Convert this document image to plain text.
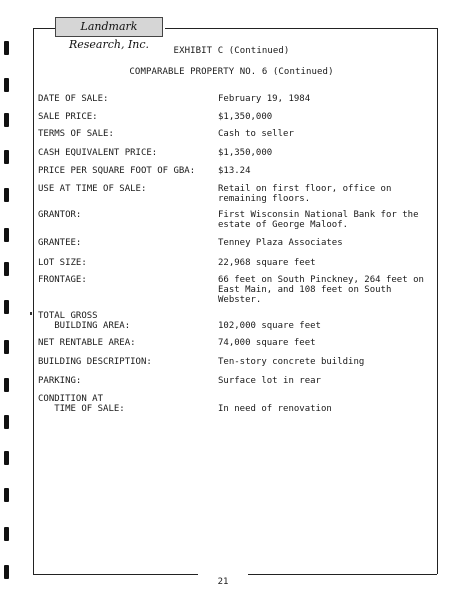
Landmark Research, Inc.	EXHIBIT C (Continued)
COMPARABLE PROPERTY NO. 6 (Continued)
DATE OF SALE:	February 19, 1984
SALE PRICE:	$1,350,000
TERMS OF SALE:	Cash to seller
CASH EQUIVALENT PRICE:	$1,350,000
PRICE PER SQUARE FOOT OF GBA:	$13.24
USE AT TIME OF SALE:	Retail on first floor, office on
remaining floors.
GRANTOR:	First Wisconsin National Bank for the
estate of George Maloof.
GRANTEE:	Tenney Plaza Associates
LOT SIZE:	22,968 square feet
FRONTAGE:	66 feet on South Pinckney, 264 feet on
East Main, and 108 feet on South
Webster.
TOTAL GROSS
BUILDING AREA:	102,000 square feet
NET RENTABLE AREA:	74,000 square feet
BUILDING DESCRIPTION:	Ten-story concrete building
PARKING:	Surface lot in rear
CONDITION AT
TIME OF SALE:	In need of renovation
21
